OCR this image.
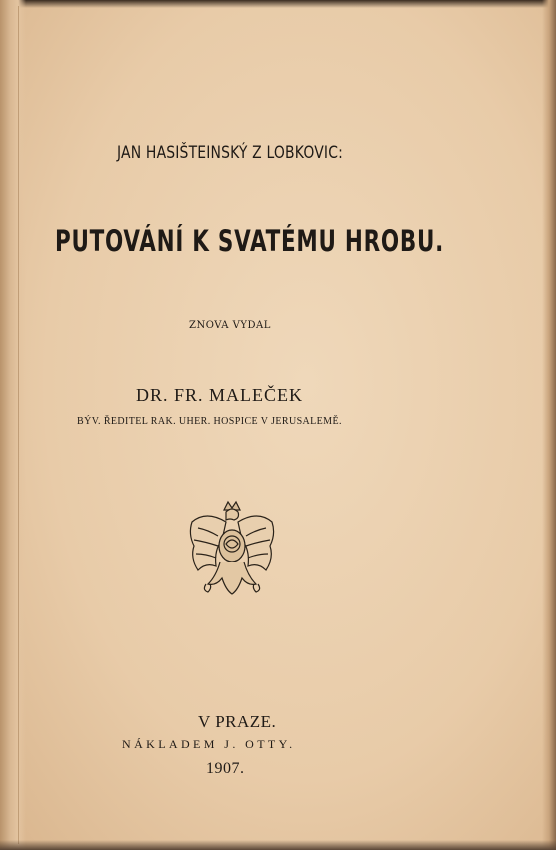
JAN HASIŠTEINSKÝ Z LOBKOVIC:
PUTOVÁNÍ K SVATÉMU HROBU.
ZNOVA VYDAL
DR. FR. MALEČEK
BÝV. ŘEDITEL RAK. UHER. HOSPICE V JERUSALEMĚ.
V PRAZE.
NÁKLADEM J. OTTY.
1907.
